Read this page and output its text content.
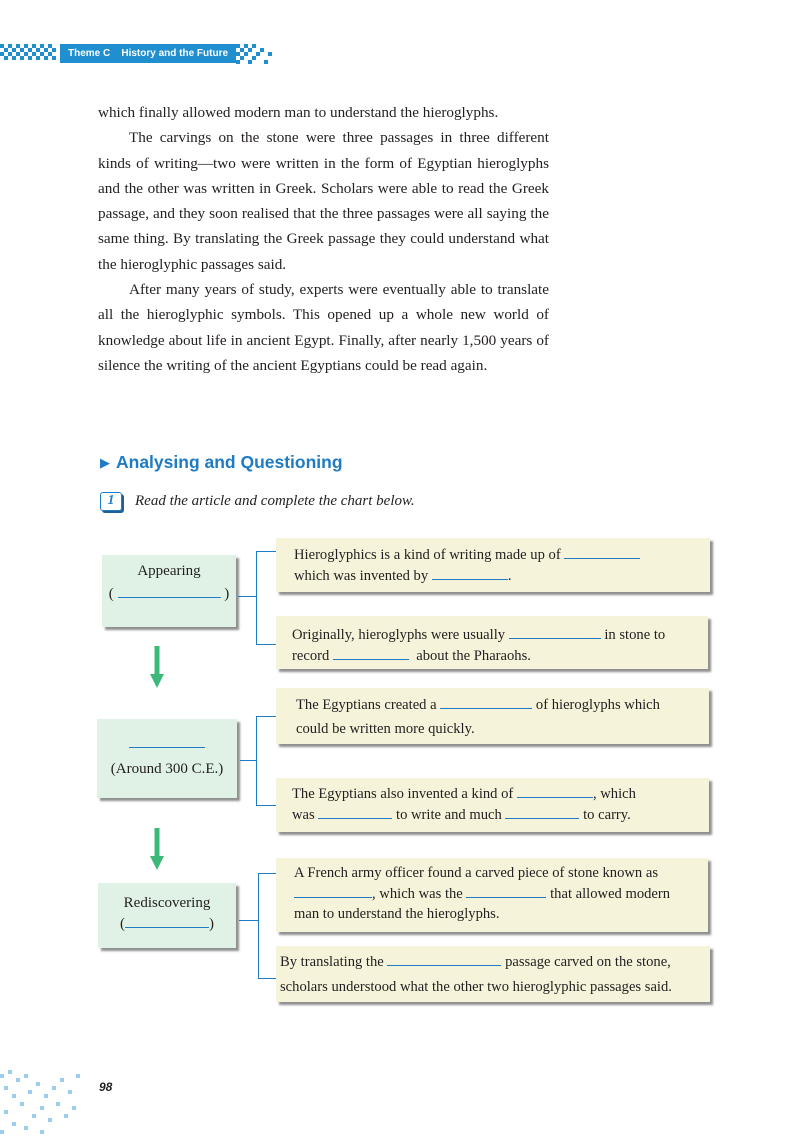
Theme C    History and the Future

which finally allowed modern man to understand the hieroglyphs.

The carvings on the stone were three passages in three different kinds of writing—two were written in the form of Egyptian hieroglyphs and the other was written in Greek. Scholars were able to read the Greek passage, and they soon realised that the three passages were all saying the same thing. By translating the Greek passage they could understand what the hieroglyphic passages said.

After many years of study, experts were eventually able to translate all the hieroglyphic symbols. This opened up a whole new world of knowledge about life in ancient Egypt. Finally, after nearly 1,500 years of silence the writing of the ancient Egyptians could be read again.

▶ Analysing and Questioning
1	Read the article and complete the chart below.
Appearing
(	)
Hieroglyphics is a kind of writing made up of
which was invented by	.
Originally, hieroglyphs were usually	in stone to
record	about the Pharaohs.
(Around 300 C.E.)
The Egyptians created a	of hieroglyphs which
could be written more quickly.
The Egyptians also invented a kind of	, which
was	to write and much	to carry.
Rediscovering
(	)
A French army officer found a carved piece of stone known as
, which was the	that allowed modern
man to understand the hieroglyphs.
By translating the	passage carved on the stone,
scholars understood what the other two hieroglyphic passages said.
98
